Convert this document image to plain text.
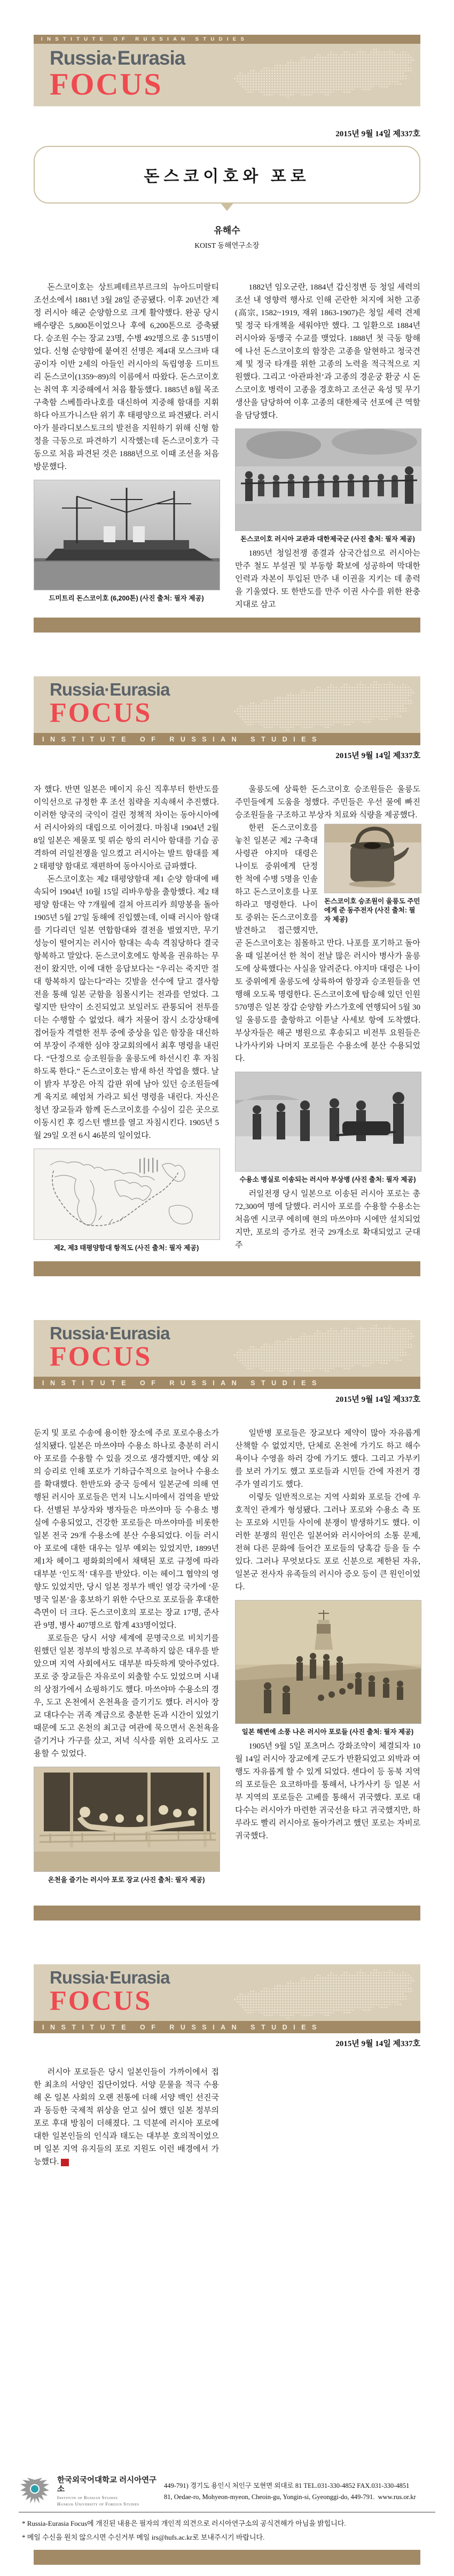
INSTITUTE OF RUSSIAN STUDIES
Russia·Eurasia
FOCUS
2015년 9월 14일 제337호
돈스코이호와 포로
유해수
KOIST 동해연구소장

돈스코이호는 상트페테르부르크의 뉴아드미랄티 조선소에서 1881년 3월 28일 준공됐다. 이후 20년간 제정 러시아 해군 순양함으로 크게 활약했다. 완공 당시 배수량은 5,800톤이었으나 후에 6,200톤으로 증축됐다. 승조원 수는 장교 23명, 수병 492명으로 총 515명이었다. 신형 순양함에 붙여진 선명은 제4대 모스크바 대공이자 이반 2세의 아들인 러시아의 독립영웅 드미트리 돈스코이(1359~89)의 이름에서 따왔다. 돈스코이호는 취역 후 지중해에서 처음 활동했다. 1885년 8월 목조 구축함 스베틀라나호를 대신하여 지중해 함대를 지휘하다 아프가니스탄 위기 후 태평양으로 파견됐다. 러시아가 블라디보스토크의 발전을 지원하기 위해 신형 함정을 극동으로 파견하기 시작했는데 돈스코이호가 극동으로 처음 파견된 것은 1888년으로 이때 조선을 처음 방문했다.

드미트리 돈스코이호 (6,200톤) (사진 출처: 필자 제공)

1882년 임오군란, 1884년 갑신정변 등 청일 세력의 조선 내 영향력 행사로 인해 곤란한 처지에 처한 고종(高宗, 1582~1919, 재위 1863-1907)은 청일 세력 견제 및 정국 타개책을 세워야만 했다. 그 일환으로 1884년 러시아와 동맹국 수교를 맺었다. 1888년 첫 극동 항해에 나선 돈스코이호의 함장은 고종을 알현하고 청국견제 및 정국 타개를 위한 고종의 노력을 적극적으로 지원했다. 그리고 ‘아관파천’과 고종의 경운궁 환궁 시 돈스코이호 병력이 고종을 경호하고 조선군 육성 및 무기 생산을 담당하여 이후 고종의 대한제국 선포에 큰 역할을 담당했다.

돈스코이호 러시아 교관과 대한제국군 (사진 출처: 필자 제공)

1895년 청일전쟁 종결과 삼국간섭으로 러시아는 만주 철도 부설권 및 부동항 확보에 성공하여 막대한 인력과 자본이 투입된 만주 내 이권을 지키는 데 총력을 기울였다. 또 한반도를 만주 이권 사수를 위한 완충지대로 삼고

Russia·Eurasia
FOCUS
INSTITUTE OF RUSSIAN STUDIES
2015년 9월 14일 제337호

자 했다. 반면 일본은 메이지 유신 직후부터 한반도를 이익선으로 규정한 후 조선 침략을 지속해서 추진했다. 이러한 양국의 국익이 걸린 정책적 차이는 동아시아에서 러시아와의 대립으로 이어졌다. 마침내 1904년 2월 8일 일본은 제물포 및 뤼순 항의 러시아 함대를 기습 공격하여 러일전쟁을 일으켰고 러시아는 발트 함대를 제2 태평양 함대로 재편하여 동아시아로 급파했다.

돈스코이호는 제2 태평양함대 제1 순양 함대에 배속되어 1904년 10월 15일 리바우항을 출항했다. 제2 태평양 함대는 약 7개월에 걸쳐 아프리카 희망봉을 돌아 1905년 5월 27일 동해에 진입했는데, 이때 러시아 함대를 기다리던 일본 연합함대와 결전을 벌였지만, 무기 성능이 떨어지는 러시아 함대는 속속 격침당하다 결국 항복하고 말았다. 돈스코이호에도 항복을 권유하는 무전이 왔지만, 이에 대한 응답보다는 “우리는 죽지만 절대 항복하지 않는다”라는 깃발을 선수에 달고 결사항전을 통해 일본 군함을 침몰시키는 전과를 얻었다. 그렇지만 탄약이 소진되었고 보일러도 관통되어 전투를 더는 수행할 수 없었다. 해가 저물어 잠시 소강상태에 접어들자 격렬한 전투 중에 중상을 입은 함장을 대신하여 부장이 주재한 심야 장교회의에서 최후 명령을 내린다. “단정으로 승조원들을 울릉도에 하선시킨 후 자침하도록 한다.” 돈스코이호는 밤새 하선 작업을 했다. 날이 밝자 부장은 아직 갑판 위에 남아 있던 승조원들에게 육지로 헤엄쳐 가라고 퇴선 명령을 내린다. 자신은 청년 장교들과 함께 돈스코이호를 수심이 깊은 곳으로 이동시킨 후 킹스턴 밸브를 열고 자침시킨다. 1905년 5월 29일 오전 6시 46분의 일이었다.

제2, 제3 태평양함대 항적도 (사진 출처: 필자 제공)

울릉도에 상륙한 돈스코이호 승조원들은 울릉도 주민들에게 도움을 청했다. 주민들은 우선 물에 빠진 승조원들을 구조하고 부상자 치료와 식량을 제공했다.

돈스코이호 승조원이 울릉도 주민에게 준 동주전자 (사진 출처: 필자 제공)

한편 돈스코이호를 놓친 일본군 제2 구축대 사령관 야지마 대령은 나이토 중위에게 단정 한 척에 수병 5명을 인솔하고 돈스코이호를 나포하라고 명령한다. 나이토 중위는 돈스코이호를 발견하고 접근했지만, 곧 돈스코이호는 침몰하고 만다. 나포를 포기하고 돌아올 때 일본어선 한 척이 전날 많은 러시아 병사가 울릉도에 상륙했다는 사실을 알려준다. 야지마 대령은 나이토 중위에게 울릉도에 상륙하여 함장과 승조원들을 연행해 오도록 명령한다. 돈스코이호에 탑승해 있던 인원 570명은 일본 장갑 순양함 카스가호에 연행되어 5월 30일 울릉도를 출항하고 이튿날 사세보 항에 도착했다. 부상자들은 해군 병원으로 후송되고 비전투 요원들은 나가사키와 나머지 포로들은 수용소에 분산 수용되었다.

수용소 병실로 이송되는 러시아 부상병 (사진 출처: 필자 제공)

러일전쟁 당시 일본으로 이송된 러시아 포로는 총 72,300여 명에 달했다. 러시아 포로를 수용할 수용소는 처음엔 시코쿠 에히메 현의 마쓰야마 시에만 설치되었지만, 포로의 증가로 전국 29개소로 확대되었고 군대 주

Russia·Eurasia
FOCUS
INSTITUTE OF RUSSIAN STUDIES
2015년 9월 14일 제337호

둔지 및 포로 수송에 용이한 장소에 주로 포로수용소가 설치됐다. 일본은 마쓰야마 수용소 하나로 충분히 러시아 포로를 수용할 수 있을 것으로 생각했지만, 예상 외의 승리로 인해 포로가 기하급수적으로 늘어나 수용소를 확대했다. 한반도와 중국 등에서 일본군에 의해 연행된 러시아 포로들은 먼저 니노시마에서 검역을 받았다. 선별된 부상자와 병자들은 마쓰야마 등 수용소 병실에 수용되었고, 건강한 포로들은 마쓰야마를 비롯한 일본 전국 29개 수용소에 분산 수용되었다. 이들 러시아 포로에 대한 대우는 일부 예외는 있었지만, 1899년 제1차 헤이그 평화회의에서 채택된 포로 규정에 따라 대부분 ‘인도적’ 대우를 받았다. 이는 헤이그 협약의 영향도 있었지만, 당시 일본 정부가 백인 열강 국가에 ‘문명국 일본’을 홍보하기 위한 수단으로 포로들을 후대한 측면이 더 크다. 돈스코이호의 포로는 장교 17명, 준사관 9명, 병사 407명으로 합계 433명이었다.

포로들은 당시 서양 세계에 문명국으로 비치기를 원했던 일본 정부의 방침으로 부족하지 않은 대우를 받았으며 지역 사회에서도 대부분 따듯하게 맞아주었다. 포로 중 장교들은 자유로이 외출할 수도 있었으며 시내의 상점가에서 쇼핑하기도 했다. 마쓰야마 수용소의 경우, 도고 온천에서 온천욕을 즐기기도 했다. 러시아 장교 대다수는 귀족 계급으로 충분한 돈과 시간이 있었기 때문에 도고 온천의 최고급 여관에 묵으면서 온천욕을 즐기거나 가구를 샀고, 저녁 식사를 위한 요리사도 고용할 수 있었다.

온천을 즐기는 러시아 포로 장교 (사진 출처: 필자 제공)

일반병 포로들은 장교보다 제약이 많아 자유롭게 산책할 수 없었지만, 단체로 온천에 가기도 하고 해수욕이나 수영을 하러 강에 가기도 했다. 그리고 가부키를 보러 가기도 했고 포로들과 시민들 간에 자전거 경주가 열리기도 했다.

이렇듯 일반적으로는 지역 사회와 포로들 간에 우호적인 관계가 형성됐다. 그러나 포로와 수용소 측 또는 포로와 시민들 사이에 분쟁이 발생하기도 했다. 이러한 분쟁의 원인은 일본어와 러시아어의 소통 문제, 전혀 다른 문화에 들어간 포로들의 당혹감 등을 들 수 있다. 그러나 무엇보다도 포로 신분으로 제한된 자유, 일본군 전사자 유족들의 러시아 증오 등이 큰 원인이었다.

일본 해변에 소풍 나온 러시아 포로들 (사진 출처: 필자 제공)

1905년 9월 5일 포츠머스 강화조약이 체결되자 10월 14일 러시아 장교에게 군도가 반환되었고 외박과 여행도 자유롭게 할 수 있게 되었다. 센다이 등 동북 지역의 포로들은 요코하마를 통해서, 나가사키 등 일본 서부 지역의 포로들은 고베를 통해서 귀국했다. 포로 대다수는 러시아가 마련한 귀국선을 타고 귀국했지만, 하루라도 빨리 러시아로 돌아가려고 했던 포로는 자비로 귀국했다.

Russia·Eurasia
FOCUS
INSTITUTE OF RUSSIAN STUDIES
2015년 9월 14일 제337호

러시아 포로들은 당시 일본인들이 가까이에서 접한 최초의 서양인 집단이었다. 서양 문물을 적극 수용해 온 일본 사회의 오랜 전통에 더해 서양 백인 선진국과 동등한 국제적 위상을 얻고 싶어 했던 일본 정부의 포로 후대 방침이 더해졌다. 그 덕분에 러시아 포로에 대한 일본인들의 인식과 태도는 대부분 호의적이었으며 일본 지역 유지들의 포로 지원도 이런 배경에서 가능했다.	Rs

한국외국어대학교 러시아연구소
Institute of Russian Studies
Hankuk University of Foreign Studies
449-791) 경기도 용인시 처인구 모현면 외대로 81 TEL.031-330-4852 FAX.031-330-4851
81, Oedae-ro, Mohyeon-myeon, Cheoin-gu, Yongin-si, Gyeonggi-do, 449-791. www.rus.or.kr
* Russia-Eurasia Focus에 개진된 내용은 필자의 개인적 의견으로 러시아연구소의 공식견해가 아님을 밝힙니다.
* 메일 수신을 원치 않으시면 수신거부 메일 irs@hufs.ac.kr로 보내주시기 바랍니다.
